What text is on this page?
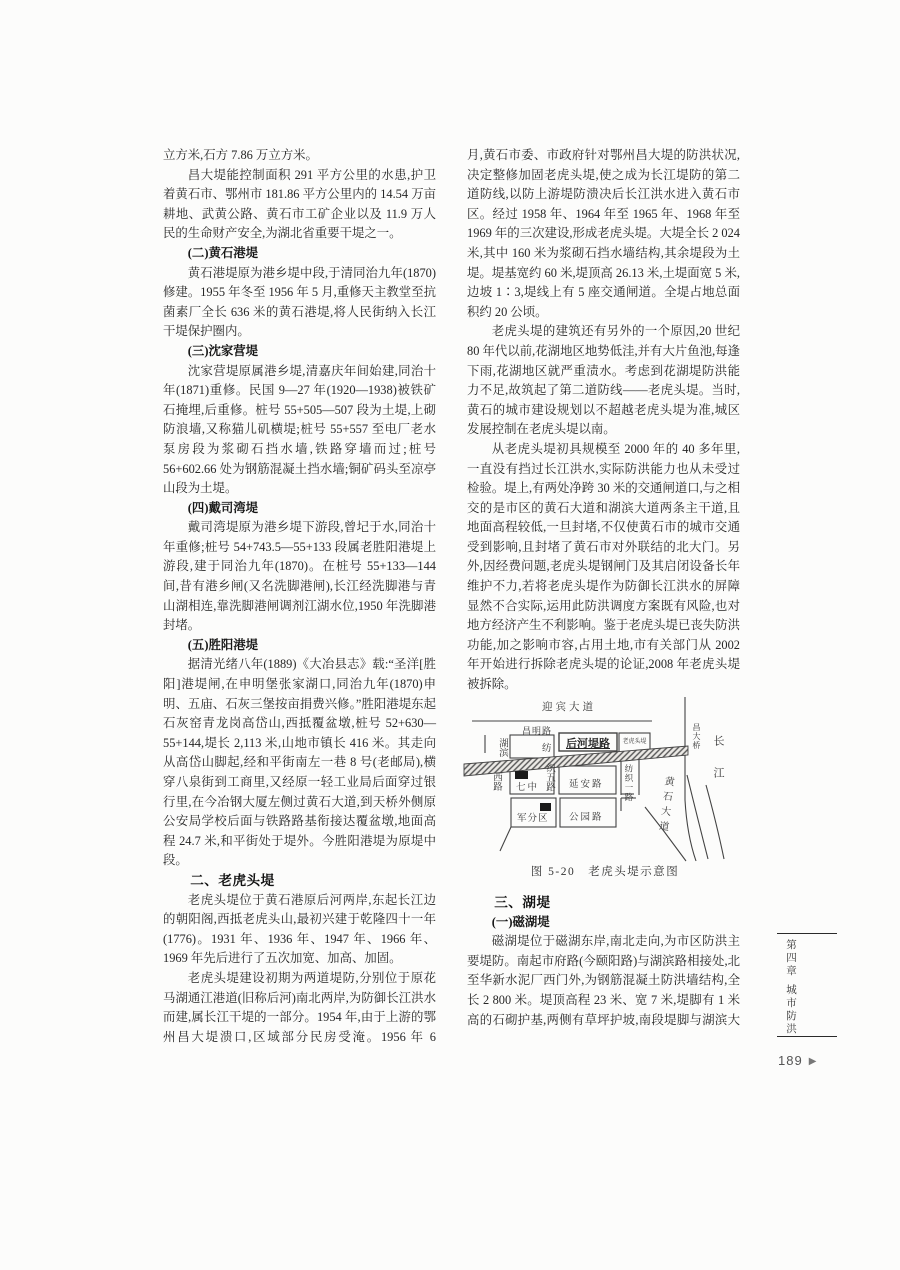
立方米,石方 7.86 万立方米。

昌大堤能控制面积 291 平方公里的水患,护卫着黄石市、鄂州市 181.86 平方公里内的 14.54 万亩耕地、武黄公路、黄石市工矿企业以及 11.9 万人民的生命财产安全,为湖北省重要干堤之一。

(二)黄石港堤

黄石港堤原为港乡堤中段,于清同治九年(1870)修建。1955 年冬至 1956 年 5 月,重修天主教堂至抗菌素厂全长 636 米的黄石港堤,将人民街纳入长江干堤保护圈内。

(三)沈家营堤

沈家营堤原属港乡堤,清嘉庆年间始建,同治十年(1871)重修。民国 9—27 年(1920—1938)被铁矿石掩埋,后重修。桩号 55+505—507 段为土堤,上砌防浪墙,又称猫儿矶横堤;桩号 55+557 至电厂老水泵房段为浆砌石挡水墙,铁路穿墙而过;桩号 56+602.66 处为钢筋混凝土挡水墙;铜矿码头至凉亭山段为土堤。

(四)戴司湾堤

戴司湾堤原为港乡堤下游段,曾圮于水,同治十年重修;桩号 54+743.5—55+133 段属老胜阳港堤上游段,建于同治九年(1870)。在桩号 55+133—144 间,昔有港乡闸(又名洗脚港闸),长江经洗脚港与青山湖相连,靠洗脚港闸调剂江湖水位,1950 年洗脚港封堵。

(五)胜阳港堤

据清光绪八年(1889)《大冶县志》载:“圣洋[胜阳]港堤闸,在申明堡张家湖口,同治九年(1870)申明、五庙、石灰三堡按亩捐费兴修。”胜阳港堤东起石灰窑青龙岗高岱山,西抵覆盆墩,桩号 52+630—55+144,堤长 2,113 米,山地市镇长 416 米。其走向从高岱山脚起,经和平街南左一巷 8 号(老邮局),横穿八泉街到工商里,又经原一轻工业局后面穿过银行里,在今冶钢大厦左侧过黄石大道,到天桥外侧原公安局学校后面与铁路路基衔接达覆盆墩,地面高程 24.7 米,和平街处于堤外。今胜阳港堤为原堤中段。

二、老虎头堤

老虎头堤位于黄石港原后河两岸,东起长江边的朝阳阁,西抵老虎头山,最初兴建于乾隆四十一年(1776)。1931 年、1936 年、1947 年、1966 年、1969 年先后进行了五次加宽、加高、加固。

老虎头堤建设初期为两道堤防,分别位于原花马湖通江港道(旧称后河)南北两岸,为防御长江洪水而建,属长江干堤的一部分。1954 年,由于上游的鄂州昌大堤溃口,区域部分民房受淹。1956 年 6

月,黄石市委、市政府针对鄂州昌大堤的防洪状况,决定整修加固老虎头堤,使之成为长江堤防的第二道防线,以防上游堤防溃决后长江洪水进入黄石市区。经过 1958 年、1964 年至 1965 年、1968 年至 1969 年的三次建设,形成老虎头堤。大堤全长 2 024 米,其中 160 米为浆砌石挡水墙结构,其余堤段为土堤。堤基宽约 60 米,堤顶高 26.13 米,土堤面宽 5 米,边坡 1∶3,堤线上有 5 座交通闸道。全堤占地总面积约 20 公顷。

老虎头堤的建筑还有另外的一个原因,20 世纪 80 年代以前,花湖地区地势低洼,并有大片鱼池,每逢下雨,花湖地区就严重渍水。考虑到花湖堤防洪能力不足,故筑起了第二道防线——老虎头堤。当时,黄石的城市建设规划以不超越老虎头堤为准,城区发展控制在老虎头堤以南。

从老虎头堤初具规模至 2000 年的 40 多年里,一直没有挡过长江洪水,实际防洪能力也从未受过检验。堤上,有两处净跨 30 米的交通闸道口,与之相交的是市区的黄石大道和湖滨大道两条主干道,且地面高程较低,一旦封堵,不仅使黄石市的城市交通受到影响,且封堵了黄石市对外联结的北大门。另外,因经费问题,老虎头堤钢闸门及其启闭设备长年维护不力,若将老虎头堤作为防御长江洪水的屏障显然不合实际,运用此防洪调度方案既有风险,也对地方经济产生不利影响。鉴于老虎头堤已丧失防洪功能,加之影响市容,占用土地,市有关部门从 2002 年开始进行拆除老虎头堤的论证,2008 年老虎头堤被拆除。

迎宾大道
昌明路
湖滨
西路
纺	后河堤路	老虎头堤
织五路
七中	延安路 纺织一路
军分区 公园路	黄石大道
昌大桥 长江
图 5-20　老虎头堤示意图

三、湖堤

(一)磁湖堤

磁湖堤位于磁湖东岸,南北走向,为市区防洪主要堤防。南起市府路(今颐阳路)与湖滨路相接处,北至华新水泥厂西门外,为钢筋混凝土防洪墙结构,全长 2 800 米。堤顶高程 23 米、宽 7 米,堤脚有 1 米高的石砌护基,两侧有草坪护坡,南段堤脚与湖滨大

第四章
城市防洪
189 ▶
